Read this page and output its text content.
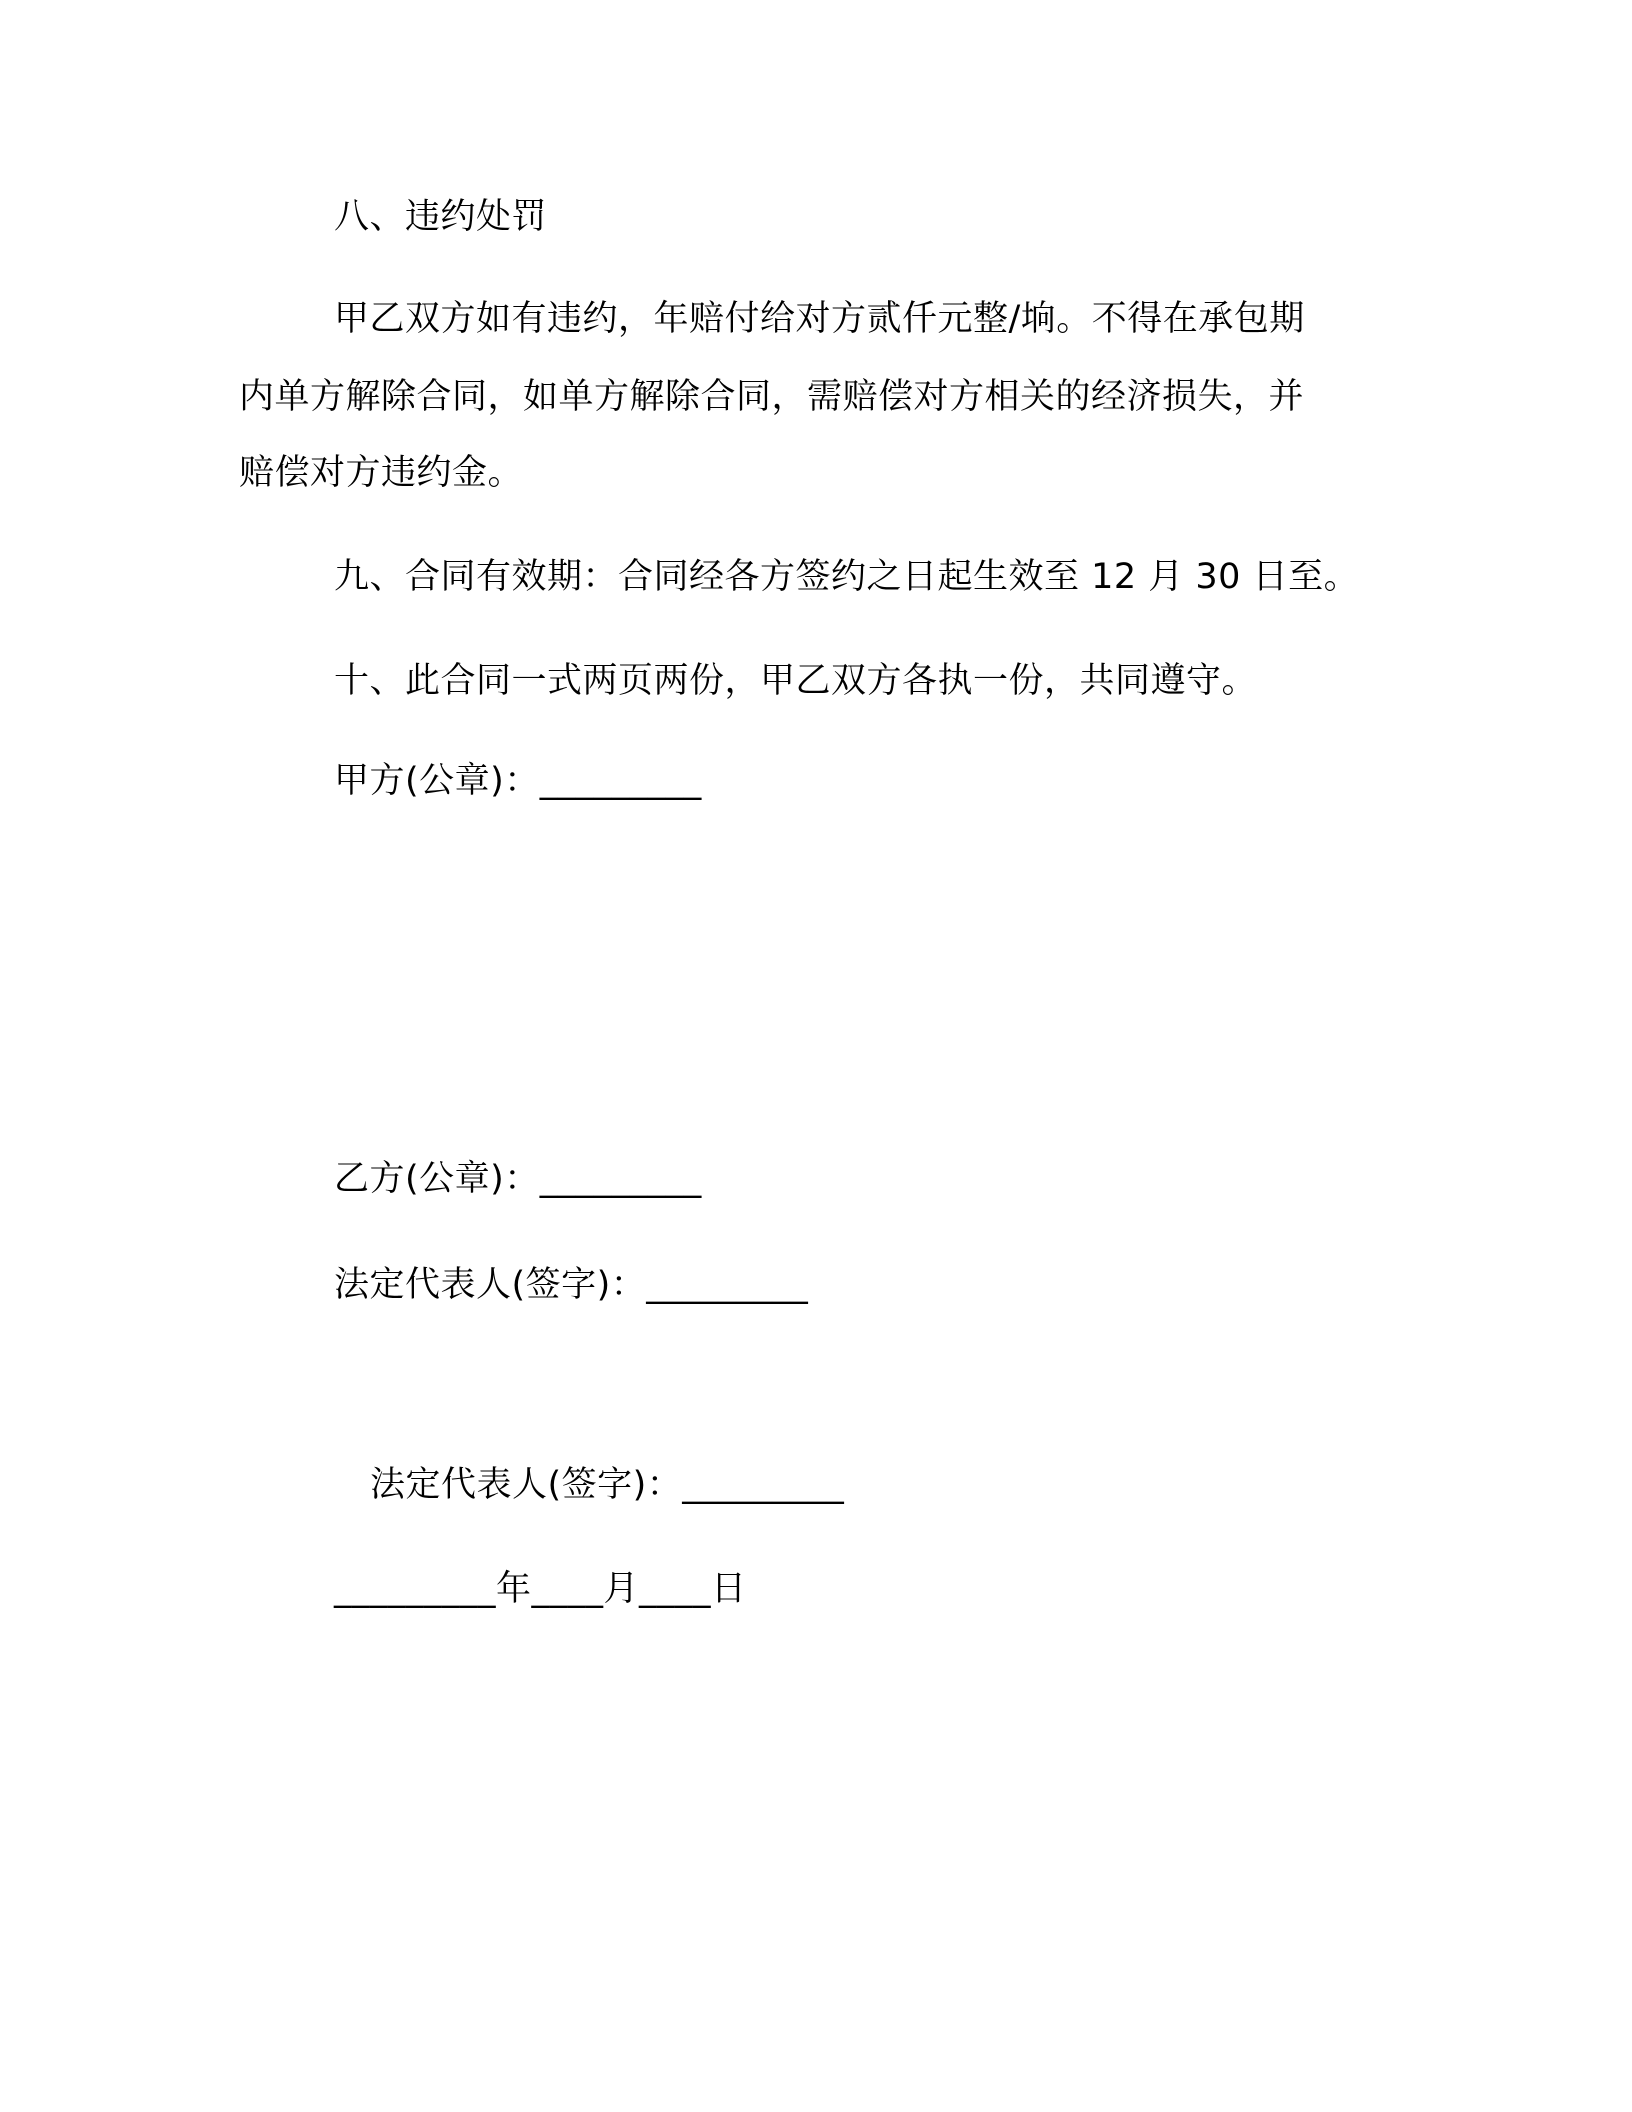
八、违约处罚
甲乙双方如有违约，年赔付给对方贰仟元整/垧。不得在承包期
内单方解除合同，如单方解除合同，需赔偿对方相关的经济损失，并
赔偿对方违约金。
九、合同有效期：合同经各方签约之日起生效至 12 月 30 日至。
十、此合同一式两页两份，甲乙双方各执一份，共同遵守。
甲方(公章)：_________
乙方(公章)：_________
法定代表人(签字)：_________
法定代表人(签字)：_________
_________年____月____日
